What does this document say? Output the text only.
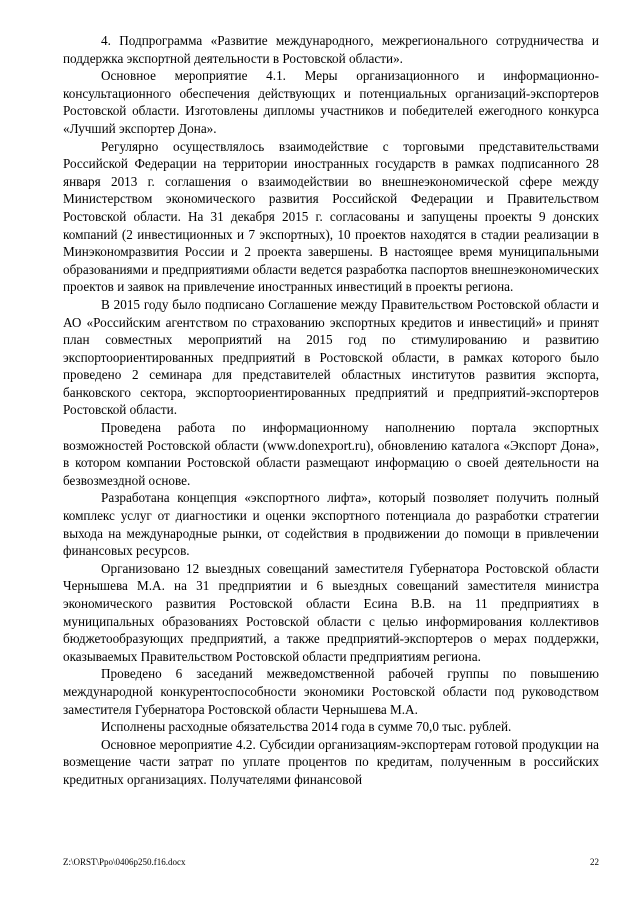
4. Подпрограмма «Развитие международного, межрегионального сотрудничества и поддержка экспортной деятельности в Ростовской области».

Основное мероприятие 4.1. Меры организационного и информационно-консультационного обеспечения действующих и потенциальных организаций-экспортеров Ростовской области. Изготовлены дипломы участников и победителей ежегодного конкурса «Лучший экспортер Дона».

Регулярно осуществлялось взаимодействие с торговыми представительствами Российской Федерации на территории иностранных государств в рамках подписанного 28 января 2013 г. соглашения о взаимодействии во внешнеэкономической сфере между Министерством экономического развития Российской Федерации и Правительством Ростовской области. На 31 декабря 2015 г. согласованы и запущены проекты 9 донских компаний (2 инвестиционных и 7 экспортных), 10 проектов находятся в стадии реализации в Минэкономразвития России и 2 проекта завершены. В настоящее время муниципальными образованиями и предприятиями области ведется разработка паспортов внешнеэкономических проектов и заявок на привлечение иностранных инвестиций в проекты региона.

В 2015 году было подписано Соглашение между Правительством Ростовской области и АО «Российским агентством по страхованию экспортных кредитов и инвестиций» и принят план совместных мероприятий на 2015 год по стимулированию и развитию экспортоориентированных предприятий в Ростовской области, в рамках которого было проведено 2 семинара для представителей областных институтов развития экспорта, банковского сектора, экспортоориентированных предприятий и предприятий-экспортеров Ростовской области.

Проведена работа по информационному наполнению портала экспортных возможностей Ростовской области (www.donexport.ru), обновлению каталога «Экспорт Дона», в котором компании Ростовской области размещают информацию о своей деятельности на безвозмездной основе.

Разработана концепция «экспортного лифта», который позволяет получить полный комплекс услуг от диагностики и оценки экспортного потенциала до разработки стратегии выхода на международные рынки, от содействия в продвижении до помощи в привлечении финансовых ресурсов.

Организовано 12 выездных совещаний заместителя Губернатора Ростовской области Чернышева М.А. на 31 предприятии и 6 выездных совещаний заместителя министра экономического развития Ростовской области Есина В.В. на 11 предприятиях в муниципальных образованиях Ростовской области с целью информирования коллективов бюджетообразующих предприятий, а также предприятий-экспортеров о мерах поддержки, оказываемых Правительством Ростовской области предприятиям региона.

Проведено 6 заседаний межведомственной рабочей группы по повышению международной конкурентоспособности экономики Ростовской области под руководством заместителя Губернатора Ростовской области Чернышева М.А.

Исполнены расходные обязательства 2014 года в сумме 70,0 тыс. рублей.

Основное мероприятие 4.2. Субсидии организациям-экспортерам готовой продукции на возмещение части затрат по уплате процентов по кредитам, полученным в российских кредитных организациях. Получателями финансовой

Z:\ORST\Ppo\0406p250.f16.docx	22
